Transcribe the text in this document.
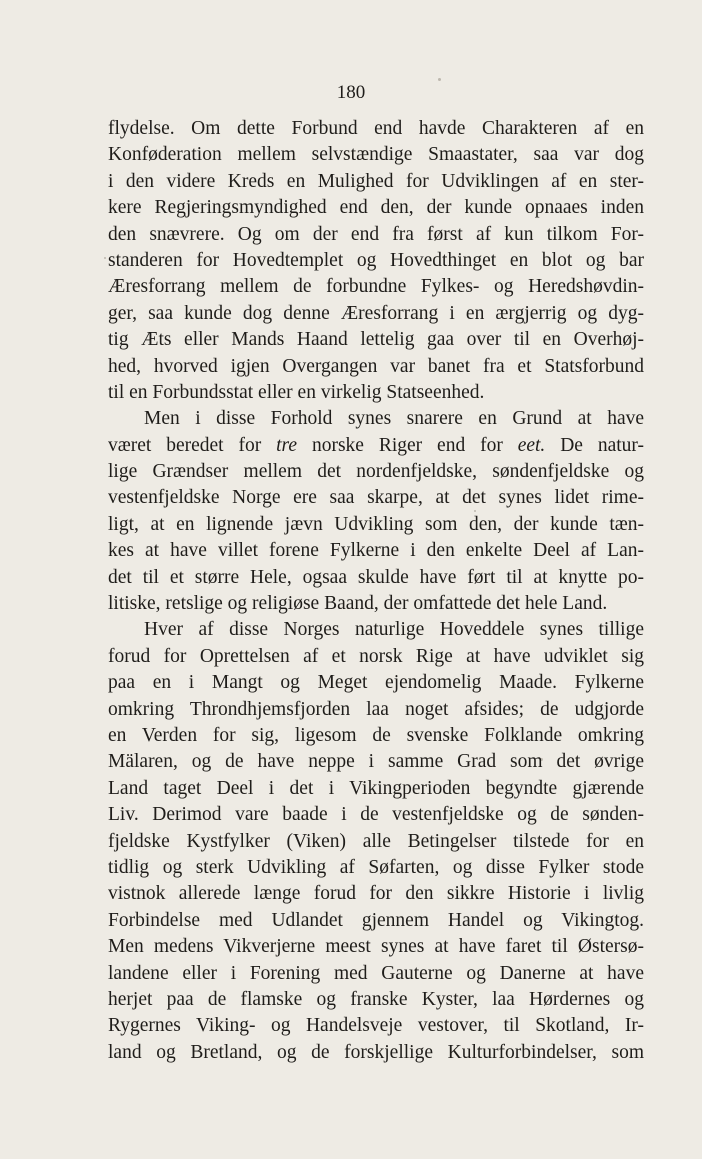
180
flydelse. Om dette Forbund end havde Charakteren af en
Konføderation mellem selvstændige Smaastater, saa var dog
i den videre Kreds en Mulighed for Udviklingen af en ster-
kere Regjeringsmyndighed end den, der kunde opnaaes inden
den snævrere. Og om der end fra først af kun tilkom For-
standeren for Hovedtemplet og Hovedthinget en blot og bar
Æresforrang mellem de forbundne Fylkes- og Heredshøvdin-
ger, saa kunde dog denne Æresforrang i en ærgjerrig og dyg-
tig Æts eller Mands Haand lettelig gaa over til en Overhøj-
hed, hvorved igjen Overgangen var banet fra et Statsforbund
til en Forbundsstat eller en virkelig Statseenhed.
Men i disse Forhold synes snarere en Grund at have
været beredet for tre norske Riger end for eet. De natur-
lige Grændser mellem det nordenfjeldske, søndenfjeldske og
vestenfjeldske Norge ere saa skarpe, at det synes lidet rime-
ligt, at en lignende jævn Udvikling som den, der kunde tæn-
kes at have villet forene Fylkerne i den enkelte Deel af Lan-
det til et større Hele, ogsaa skulde have ført til at knytte po-
litiske, retslige og religiøse Baand, der omfattede det hele Land.
Hver af disse Norges naturlige Hoveddele synes tillige
forud for Oprettelsen af et norsk Rige at have udviklet sig
paa en i Mangt og Meget ejendomelig Maade. Fylkerne
omkring Throndhjemsfjorden laa noget afsides; de udgjorde
en Verden for sig, ligesom de svenske Folklande omkring
Mälaren, og de have neppe i samme Grad som det øvrige
Land taget Deel i det i Vikingperioden begyndte gjærende
Liv. Derimod vare baade i de vestenfjeldske og de sønden-
fjeldske Kystfylker (Viken) alle Betingelser tilstede for en
tidlig og sterk Udvikling af Søfarten, og disse Fylker stode
vistnok allerede længe forud for den sikkre Historie i livlig
Forbindelse med Udlandet gjennem Handel og Vikingtog.
Men medens Vikverjerne meest synes at have faret til Østersø-
landene eller i Forening med Gauterne og Danerne at have
herjet paa de flamske og franske Kyster, laa Hørdernes og
Rygernes Viking- og Handelsveje vestover, til Skotland, Ir-
land og Bretland, og de forskjellige Kulturforbindelser, som
